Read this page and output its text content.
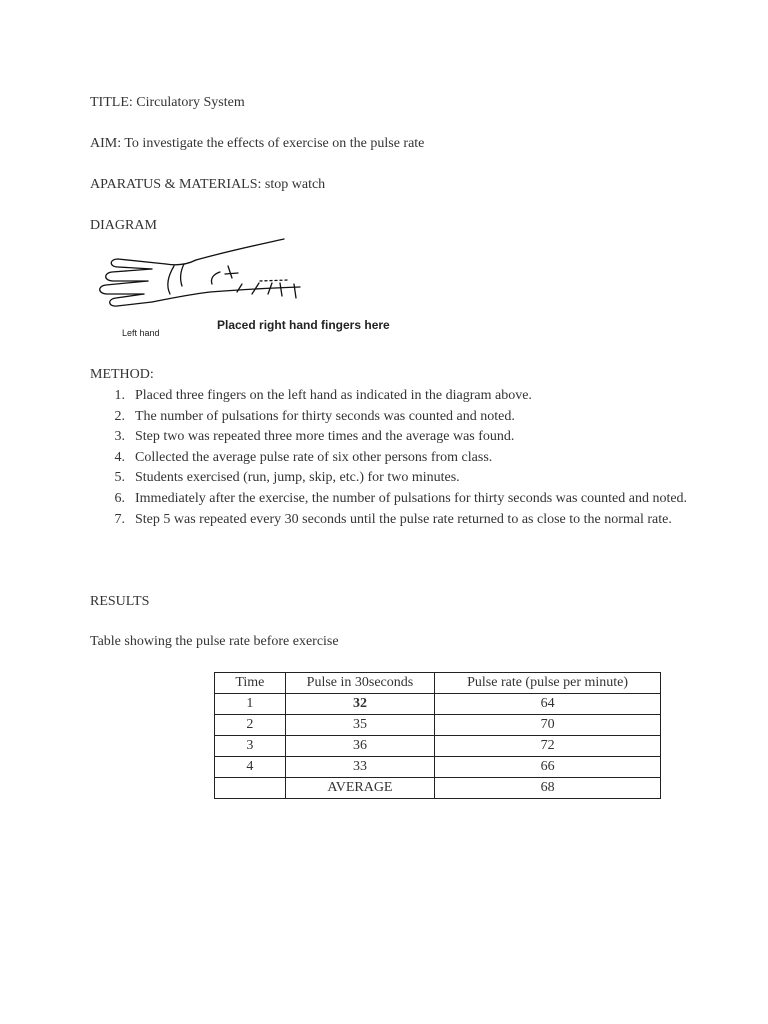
TITLE: Circulatory System
AIM: To investigate the effects of exercise on the pulse rate
APARATUS & MATERIALS: stop watch
DIAGRAM
Left hand
Placed right hand fingers here
METHOD:
1. Placed three fingers on the left hand as indicated in the diagram above.
2. The number of pulsations for thirty seconds was counted and noted.
3. Step two was repeated three more times and the average was found.
4. Collected the average pulse rate of six other persons from class.
5. Students exercised (run, jump, skip, etc.) for two minutes.
6. Immediately after the exercise, the number of pulsations for thirty seconds was counted and noted.
7. Step 5 was repeated every 30 seconds until the pulse rate returned to as close to the normal rate.
RESULTS
Table showing the pulse rate before exercise
Time	Pulse in 30seconds	Pulse rate (pulse per minute)
1	32	64
2	35	70
3	36	72
4	33	66
	AVERAGE	68
